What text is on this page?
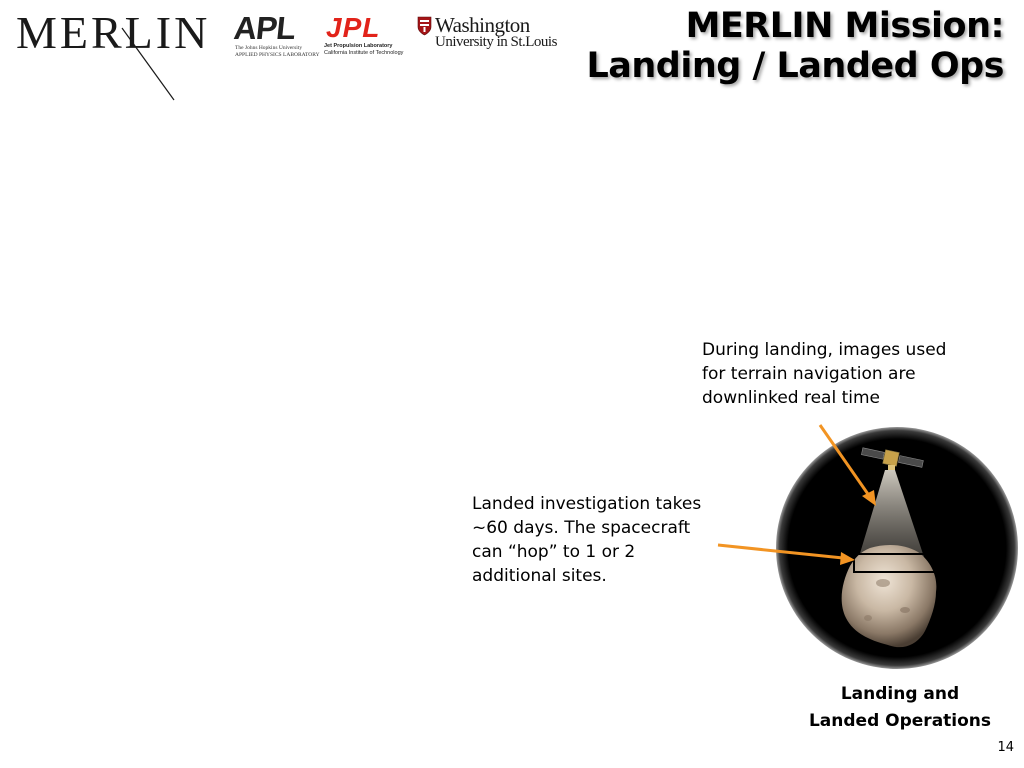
MERLIN APL
The Johns Hopkins University
APPLIED PHYSICS LABORATORY
JPL
Jet Propulsion Laboratory
California Institute of Technology
Washington
University in St.Louis	MERLIN Mission:
Landing / Landed Ops
During landing, images used for terrain navigation are downlinked real time
Landed investigation takes ~60 days. The spacecraft can “hop” to 1 or 2 additional sites.
Landing and
Landed Operations
14
